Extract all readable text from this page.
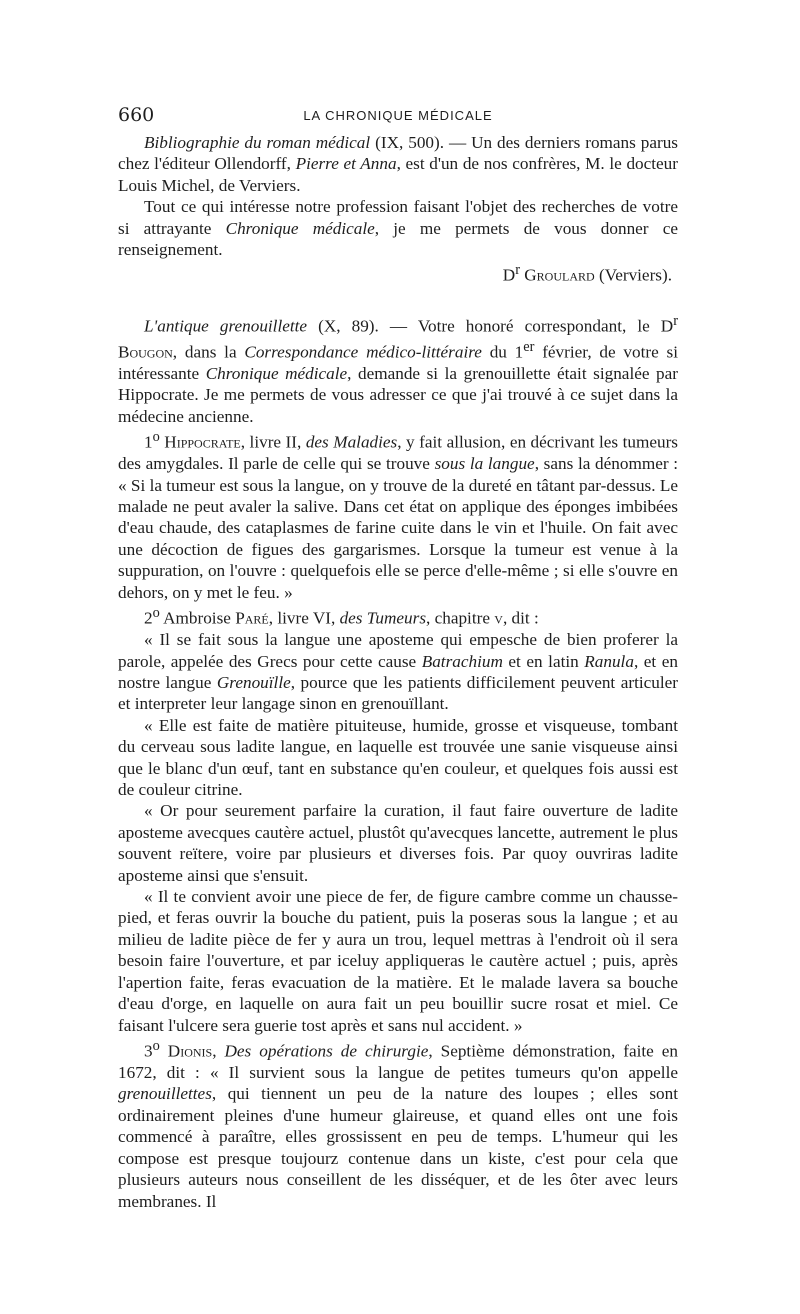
660	LA CHRONIQUE MÉDICALE

Bibliographie du roman médical (IX, 500). — Un des derniers romans parus chez l'éditeur Ollendorff, Pierre et Anna, est d'un de nos confrères, M. le docteur Louis Michel, de Verviers.

Tout ce qui intéresse notre profession faisant l'objet des recherches de votre si attrayante Chronique médicale, je me permets de vous donner ce renseignement.

$D^r$ Groulard (Verviers).

L'antique grenouillette (X, 89). — Votre honoré correspondant, le $D^r$ Bougon, dans la Correspondance médico-littéraire du 1er février, de votre si intéressante Chronique médicale, demande si la grenouillette était signalée par Hippocrate. Je me permets de vous adresser ce que j'ai trouvé à ce sujet dans la médecine ancienne.

1$^o$ Hippocrate, livre II, des Maladies, y fait allusion, en décrivant les tumeurs des amygdales. Il parle de celle qui se trouve sous la langue, sans la dénommer : « Si la tumeur est sous la langue, on y trouve de la dureté en tâtant par-dessus. Le malade ne peut avaler la salive. Dans cet état on applique des éponges imbibées d'eau chaude, des cataplasmes de farine cuite dans le vin et l'huile. On fait avec une décoction de figues des gargarismes. Lorsque la tumeur est venue à la suppuration, on l'ouvre : quelquefois elle se perce d'elle-même ; si elle s'ouvre en dehors, on y met le feu. »

2$^o$ Ambroise Paré, livre VI, des Tumeurs, chapitre v, dit :

« Il se fait sous la langue une aposteme qui empesche de bien proferer la parole, appelée des Grecs pour cette cause Batrachium et en latin Ranula, et en nostre langue Grenouïlle, pource que les patients difficilement peuvent articuler et interpreter leur langage sinon en grenouïllant.

« Elle est faite de matière pituiteuse, humide, grosse et visqueuse, tombant du cerveau sous ladite langue, en laquelle est trouvée une sanie visqueuse ainsi que le blanc d'un œuf, tant en substance qu'en couleur, et quelques fois aussi est de couleur citrine.

« Or pour seurement parfaire la curation, il faut faire ouverture de ladite aposteme avecques cautère actuel, plustôt qu'avecques lancette, autrement le plus souvent reïtere, voire par plusieurs et diverses fois. Par quoy ouvriras ladite aposteme ainsi que s'ensuit.

« Il te convient avoir une piece de fer, de figure cambre comme un chausse-pied, et feras ouvrir la bouche du patient, puis la poseras sous la langue ; et au milieu de ladite pièce de fer y aura un trou, lequel mettras à l'endroit où il sera besoin faire l'ouverture, et par iceluy appliqueras le cautère actuel ; puis, après l'apertion faite, feras evacuation de la matière. Et le malade lavera sa bouche d'eau d'orge, en laquelle on aura fait un peu bouillir sucre rosat et miel. Ce faisant l'ulcere sera guerie tost après et sans nul accident. »

3$^o$ Dionis, Des opérations de chirurgie, Septième démonstration, faite en 1672, dit : « Il survient sous la langue de petites tumeurs qu'on appelle grenouillettes, qui tiennent un peu de la nature des loupes ; elles sont ordinairement pleines d'une humeur glaireuse, et quand elles ont une fois commencé à paraître, elles grossissent en peu de temps. L'humeur qui les compose est presque toujourz contenue dans un kiste, c'est pour cela que plusieurs auteurs nous conseillent de les disséquer, et de les ôter avec leurs membranes. Il
